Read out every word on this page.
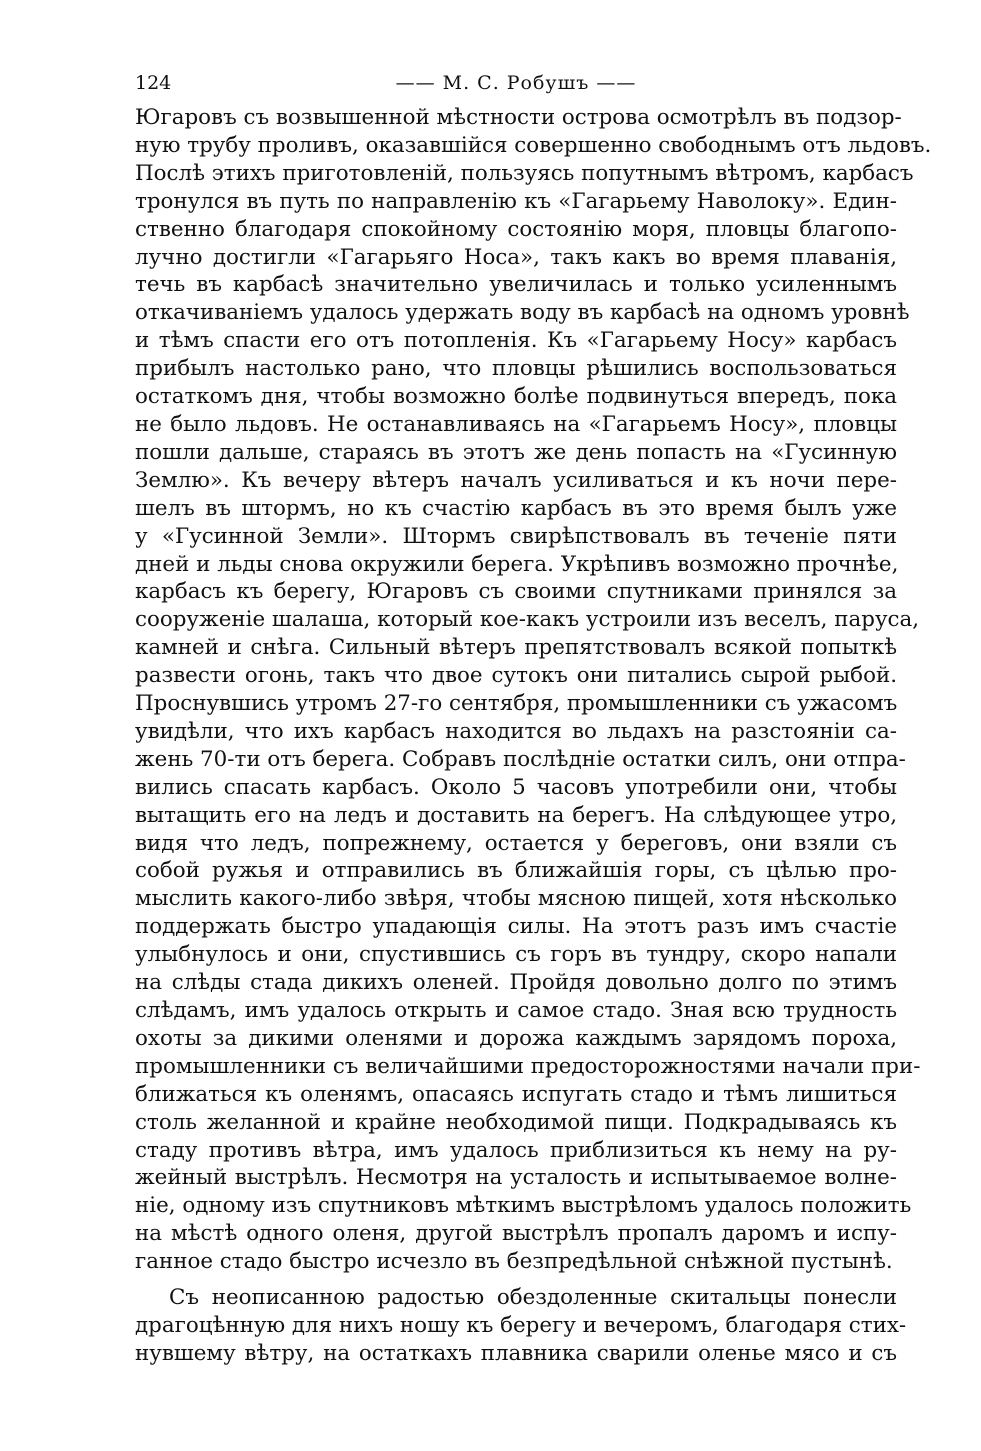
124	—— М. С. Робушъ ——
Югаровъ съ возвышенной мѣстности острова осмотрѣлъ въ подзор-
ную трубу проливъ, оказавшійся совершенно свободнымъ отъ льдовъ.
Послѣ этихъ приготовленій, пользуясь попутнымъ вѣтромъ, карбасъ
тронулся въ путь по направленію къ «Гагарьему Наволоку». Един-
ственно благодаря спокойному состоянію моря, пловцы благопо-
лучно достигли «Гагарьяго Носа», такъ какъ во время плаванія,
течь въ карбасѣ значительно увеличилась и только усиленнымъ
откачиваніемъ удалось удержать воду въ карбасѣ на одномъ уровнѣ
и тѣмъ спасти его отъ потопленія. Къ «Гагарьему Носу» карбасъ
прибылъ настолько рано, что пловцы рѣшились воспользоваться
остаткомъ дня, чтобы возможно болѣе подвинуться впередъ, пока
не было льдовъ. Не останавливаясь на «Гагарьемъ Носу», пловцы
пошли дальше, стараясь въ этотъ же день попасть на «Гусинную
Землю». Къ вечеру вѣтеръ началъ усиливаться и къ ночи пере-
шелъ въ штормъ, но къ счастію карбасъ въ это время былъ уже
у «Гусинной Земли». Штормъ свирѣпствовалъ въ теченіе пяти
дней и льды снова окружили берега. Укрѣпивъ возможно прочнѣе,
карбасъ къ берегу, Югаровъ съ своими спутниками принялся за
сооруженіе шалаша, который кое-какъ устроили изъ веселъ, паруса,
камней и снѣга. Сильный вѣтеръ препятствовалъ всякой попыткѣ
развести огонь, такъ что двое сутокъ они питались сырой рыбой.
Проснувшись утромъ 27-го сентября, промышленники съ ужасомъ
увидѣли, что ихъ карбасъ находится во льдахъ на разстояніи са-
жень 70-ти отъ берега. Собравъ послѣдніе остатки силъ, они отпра-
вились спасать карбасъ. Около 5 часовъ употребили они, чтобы
вытащить его на ледъ и доставить на берегъ. На слѣдующее утро,
видя что ледъ, попрежнему, остается у береговъ, они взяли съ
собой ружья и отправились въ ближайшія горы, съ цѣлью про-
мыслить какого-либо звѣря, чтобы мясною пищей, хотя нѣсколько
поддержать быстро упадающія силы. На этотъ разъ имъ счастіе
улыбнулось и они, спустившись съ горъ въ тундру, скоро напали
на слѣды стада дикихъ оленей. Пройдя довольно долго по этимъ
слѣдамъ, имъ удалось открыть и самое стадо. Зная всю трудность
охоты за дикими оленями и дорожа каждымъ зарядомъ пороха,
промышленники съ величайшими предосторожностями начали при-
ближаться къ оленямъ, опасаясь испугать стадо и тѣмъ лишиться
столь желанной и крайне необходимой пищи. Подкрадываясь къ
стаду противъ вѣтра, имъ удалось приблизиться къ нему на ру-
жейный выстрѣлъ. Несмотря на усталость и испытываемое волне-
ніе, одному изъ спутниковъ мѣткимъ выстрѣломъ удалось положить
на мѣстѣ одного оленя, другой выстрѣлъ пропалъ даромъ и испу-
ганное стадо быстро исчезло въ безпредѣльной снѣжной пустынѣ.
Съ неописанною радостью обездоленные скитальцы понесли
драгоцѣнную для нихъ ношу къ берегу и вечеромъ, благодаря стих-
нувшему вѣтру, на остаткахъ плавника сварили оленье мясо и съ
